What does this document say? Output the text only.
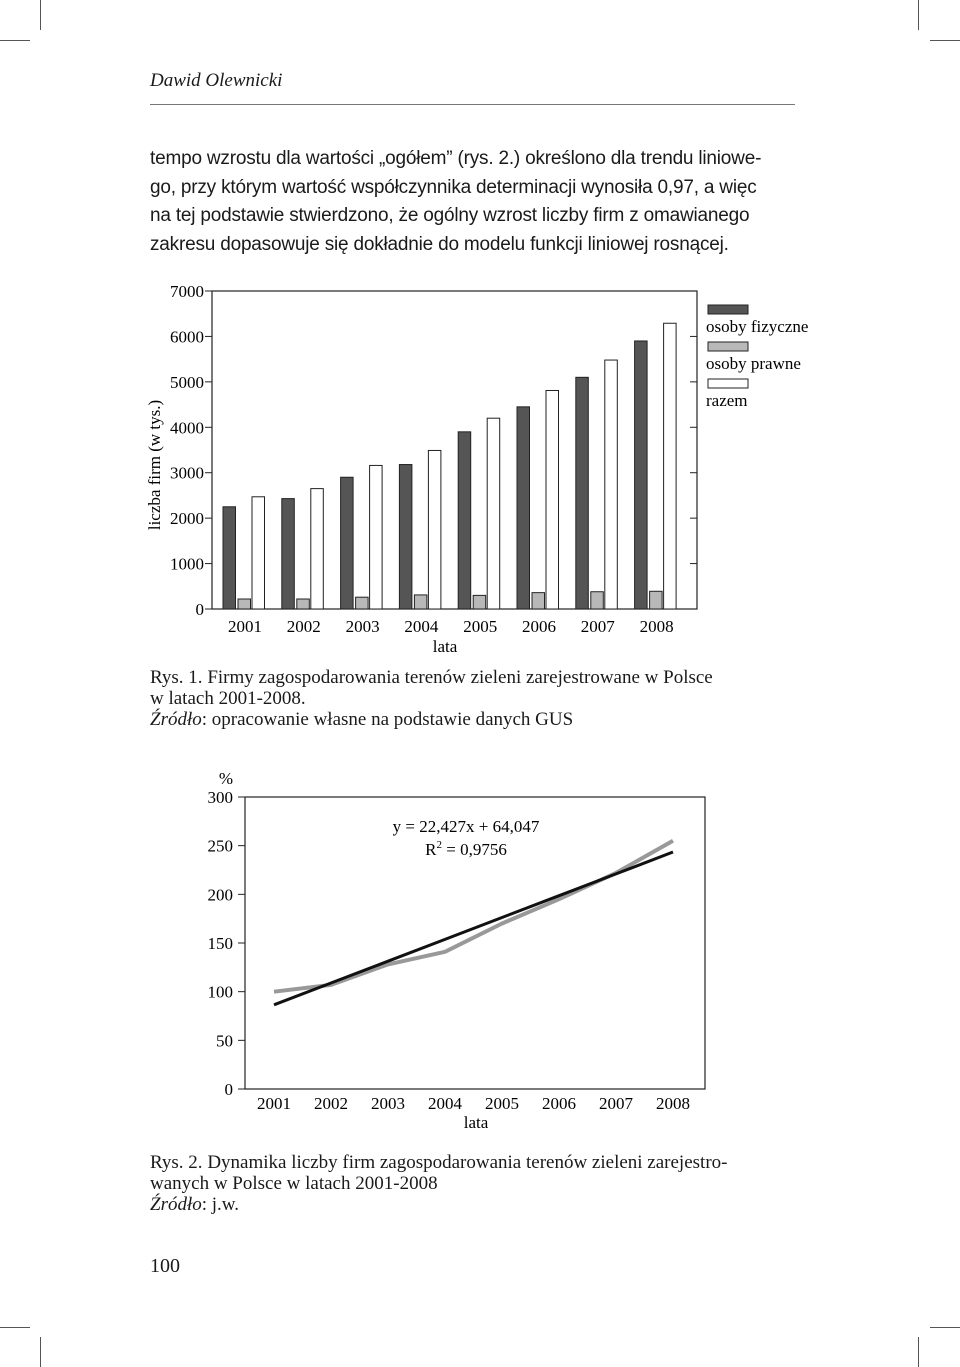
Dawid Olewnicki
tempo wzrostu dla wartości „ogółem” (rys. 2.) określono dla trendu liniowe-
go, przy którym wartość współczynnika determinacji wynosiła 0,97, a więc
na tej podstawie stwierdzono, że ogólny wzrost liczby firm z omawianego
zakresu dopasowuje się dokładnie do modelu funkcji liniowej rosnącej.
0
1000
2000
3000
4000
5000
6000
7000
2001 2002 2003 2004 2005 2006 2007 2008
osoby fizyczne
osoby prawne
razem
liczba firm (w tys.)
lata
Rys. 1. Firmy zagospodarowania terenów zieleni zarejestrowane w Polsce
w latach 2001-2008.
Źródło: opracowanie własne na podstawie danych GUS
0
50
100
150
200
250
300
2001 2002 2003 2004 2005 2006 2007 2008
%
lata
y = 22,427x + 64,047
$R^2 = 0,9756$
Rys. 2. Dynamika liczby firm zagospodarowania terenów zieleni zarejestro-
wanych w Polsce w latach 2001-2008
Źródło: j.w.
100
